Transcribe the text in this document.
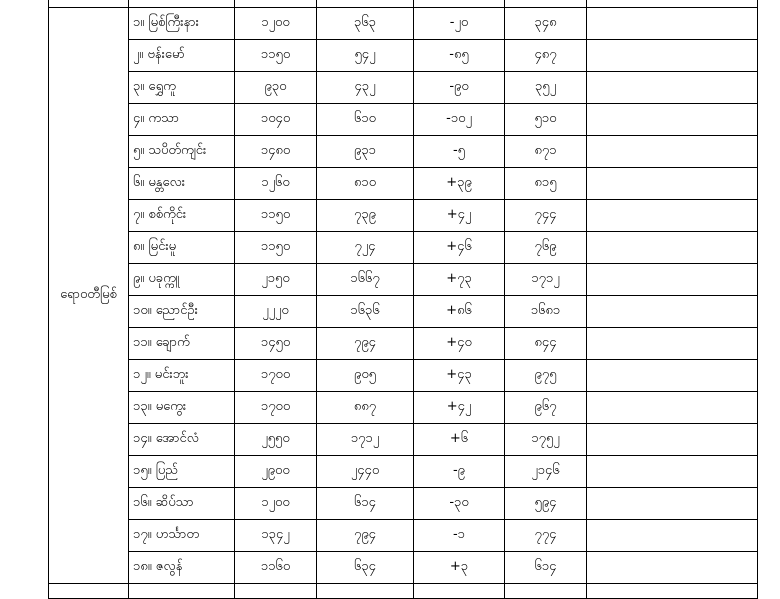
ရောဝတီမြစ်	၁။ မြစ်ကြီးနား	၁၂၀၀	၃၆၃	-၂၀	၃၄၈	
	၂။ ဗန်းမော်	၁၁၅၀	၅၄၂	-၈၅	၄၈၇	
	၃။ ရွှေကူ	၉၃၀	၄၃၂	-၉၀	၃၅၂	
	၄။ ကသာ	၁၀၄၀	၆၁၀	-၁၀၂	၅၁၀	
	၅။ သပိတ်ကျင်း	၁၄၈၀	၉၃၁	-၅	၈၇၁	
	၆။ မန္တလေး	၁၂၆၀	၈၁၀	+၃၉	၈၁၅	
	၇။ စစ်ကိုင်း	၁၁၅၀	၇၃၉	+၄၂	၇၄၄	
	၈။ မြင်းမူ	၁၁၅၀	၇၂၄	+၄၆	၇၆၉	
	၉။ ပခုက္ကူ	၂၁၅၀	၁၆၆၇	+၇၃	၁၇၁၂	
	၁၀။ ညောင်ဦး	၂၂၂၀	၁၆၃၆	+၈၆	၁၆၈၁	
	၁၁။ ချောက်	၁၄၅၀	၇၉၄	+၄၀	၈၄၄	
	၁၂။ မင်းဘူး	၁၇၀၀	၉၀၅	+၄၃	၉၇၅	
	၁၃။ မကွေး	၁၇၀၀	၈၈၇	+၄၂	၉၆၇	
	၁၄။ အောင်လံ	၂၅၅၀	၁၇၁၂	+၆	၁၇၅၂	
	၁၅။ ပြည်	၂၉၀၀	၂၄၄၀	-၉	၂၁၄၆	
	၁၆။ ဆိပ်သာ	၁၂၀၀	၆၁၄	-၃၀	၅၉၄	
	၁၇။ ဟင်္သာတ	၁၃၄၂	၇၉၄	-၁	၇၇၄	
	၁၈။ ဇလွန်	၁၁၆၀	၆၃၄	+၃	၆၁၄	
